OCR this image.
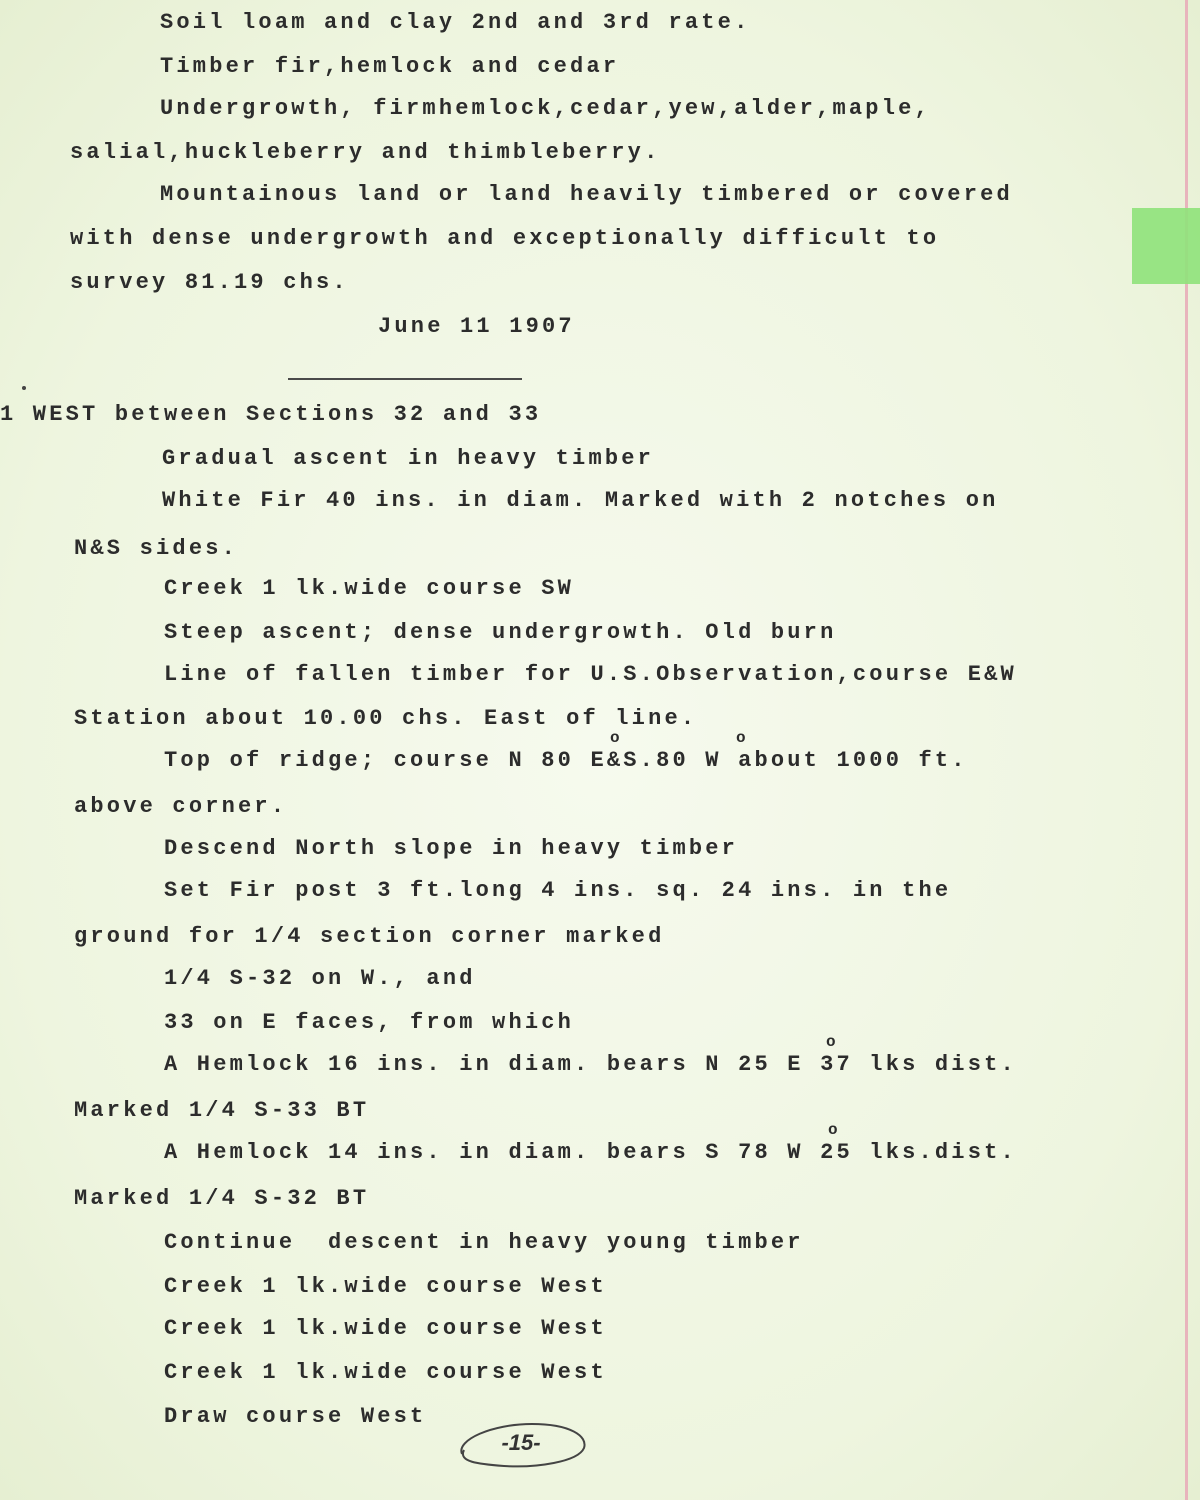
Soil loam and clay 2nd and 3rd rate.
Timber fir,hemlock and cedar
Undergrowth, firmhemlock,cedar,yew,alder,maple,
salial,huckleberry and thimbleberry.
Mountainous land or land heavily timbered or covered
with dense undergrowth and exceptionally difficult to
survey 81.19 chs.
June 11 1907
1 WEST between Sections 32 and 33
Gradual ascent in heavy timber
White Fir 40 ins. in diam. Marked with 2 notches on
N&S sides.
Creek 1 lk.wide course SW
Steep ascent; dense undergrowth. Old burn
Line of fallen timber for U.S.Observation,course E&W
Station about 10.00 chs. East of line.
o	o
Top of ridge; course N 80 E&S.80 W about 1000 ft.
above corner.
Descend North slope in heavy timber
Set Fir post 3 ft.long 4 ins. sq. 24 ins. in the
ground for 1/4 section corner marked
1/4 S-32 on W., and
33 on E faces, from which
o
A Hemlock 16 ins. in diam. bears N 25 E 37 lks dist.
Marked 1/4 S-33 BT
o
A Hemlock 14 ins. in diam. bears S 78 W 25 lks.dist.
Marked 1/4 S-32 BT
Continue  descent in heavy young timber
Creek 1 lk.wide course West
Creek 1 lk.wide course West
Creek 1 lk.wide course West
Draw course West
-15-
